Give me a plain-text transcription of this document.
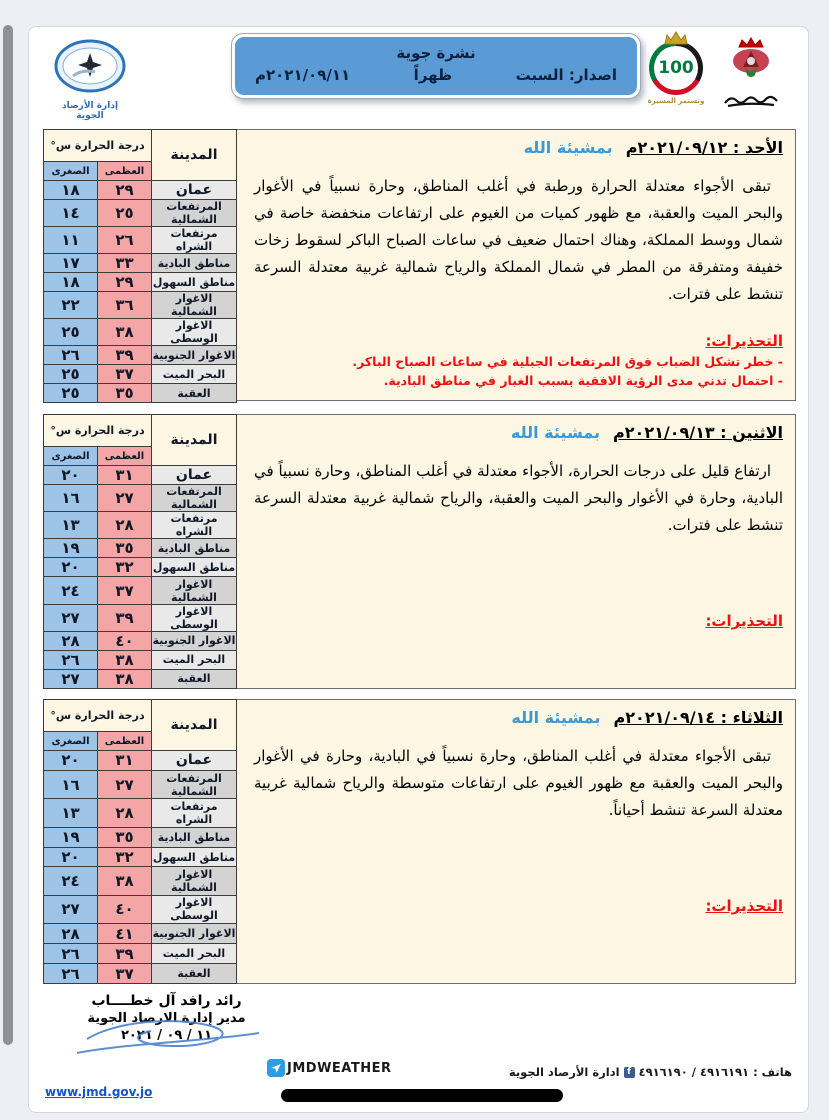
إدارة الأرصاد الجوية
نشرة جوية
اصدار: السبت
ظهراً
٢٠٢١/٠٩/١١م	100
وتستمر المسيرة

المدينة	درجة الحرارة س°	
	العظمى	الصغرى
عمان	٢٩	١٨
المرتفعات الشمالية	٢٥	١٤
مرتفعات الشراه	٢٦	١١
مناطق البادية	٣٣	١٧
مناطق السهول	٢٩	١٨
الاغوار الشمالية	٣٦	٢٢
الاغوار الوسطى	٣٨	٢٥
الاغوار الجنوبية	٣٩	٢٦
البحر الميت	٣٧	٢٥
العقبة	٣٥	٢٥
الأحد : ٢٠٢١/٠٩/١٢م بمشيئة الله
تبقى الأجواء معتدلة الحرارة ورطبة في أغلب المناطق، وحارة نسبياً في الأغوار والبحر الميت والعقبة، مع ظهور كميات من الغيوم على ارتفاعات منخفضة خاصة في شمال ووسط المملكة، وهناك احتمال ضعيف في ساعات الصباح الباكر لسقوط زخات خفيفة ومتفرقة من المطر في شمال المملكة والرياح شمالية غربية معتدلة السرعة تنشط على فترات.
التحذيرات:
- خطر تشكل الضباب فوق المرتفعات الجبلية في ساعات الصباح الباكر.
- احتمال تدني مدى الرؤية الافقية بسبب الغبار في مناطق البادية.
المدينة	درجة الحرارة س°	
	العظمى	الصغرى
عمان	٣١	٢٠
المرتفعات الشمالية	٢٧	١٦
مرتفعات الشراه	٢٨	١٣
مناطق البادية	٣٥	١٩
مناطق السهول	٣٢	٢٠
الاغوار الشمالية	٣٧	٢٤
الاغوار الوسطى	٣٩	٢٧
الاغوار الجنوبية	٤٠	٢٨
البحر الميت	٣٨	٢٦
العقبة	٣٨	٢٧
الاثنين : ٢٠٢١/٠٩/١٣م بمشيئة الله
ارتفاع قليل على درجات الحرارة، الأجواء معتدلة في أغلب المناطق، وحارة نسبياً في البادية، وحارة في الأغوار والبحر الميت والعقبة، والرياح شمالية غربية معتدلة السرعة تنشط على فترات.
التحذيرات:
المدينة	درجة الحرارة س°	
	العظمى	الصغرى
عمان	٣١	٢٠
المرتفعات الشمالية	٢٧	١٦
مرتفعات الشراه	٢٨	١٣
مناطق البادية	٣٥	١٩
مناطق السهول	٣٢	٢٠
الاغوار الشمالية	٣٨	٢٤
الاغوار الوسطى	٤٠	٢٧
الاغوار الجنوبية	٤١	٢٨
البحر الميت	٣٩	٢٦
العقبة	٣٧	٢٦
الثلاثاء : ٢٠٢١/٠٩/١٤م بمشيئة الله
تبقى الأجواء معتدلة في أغلب المناطق، وحارة نسبياً في البادية، وحارة في الأغوار والبحر الميت والعقبة مع ظهور الغيوم على ارتفاعات متوسطة والرياح شمالية غربية معتدلة السرعة تنشط أحياناً.
التحذيرات:
رائد رافد آل خطــــاب
مدير إدارة الارصاد الجوية
١١ / ٠٩ / ٢٠٢١
JMDWEATHER	هاتف : ٤٩١٦١٩١ / ٤٩١٦١٩٠
f
ادارة الأرصاد الجوية
www.jmd.gov.jo
